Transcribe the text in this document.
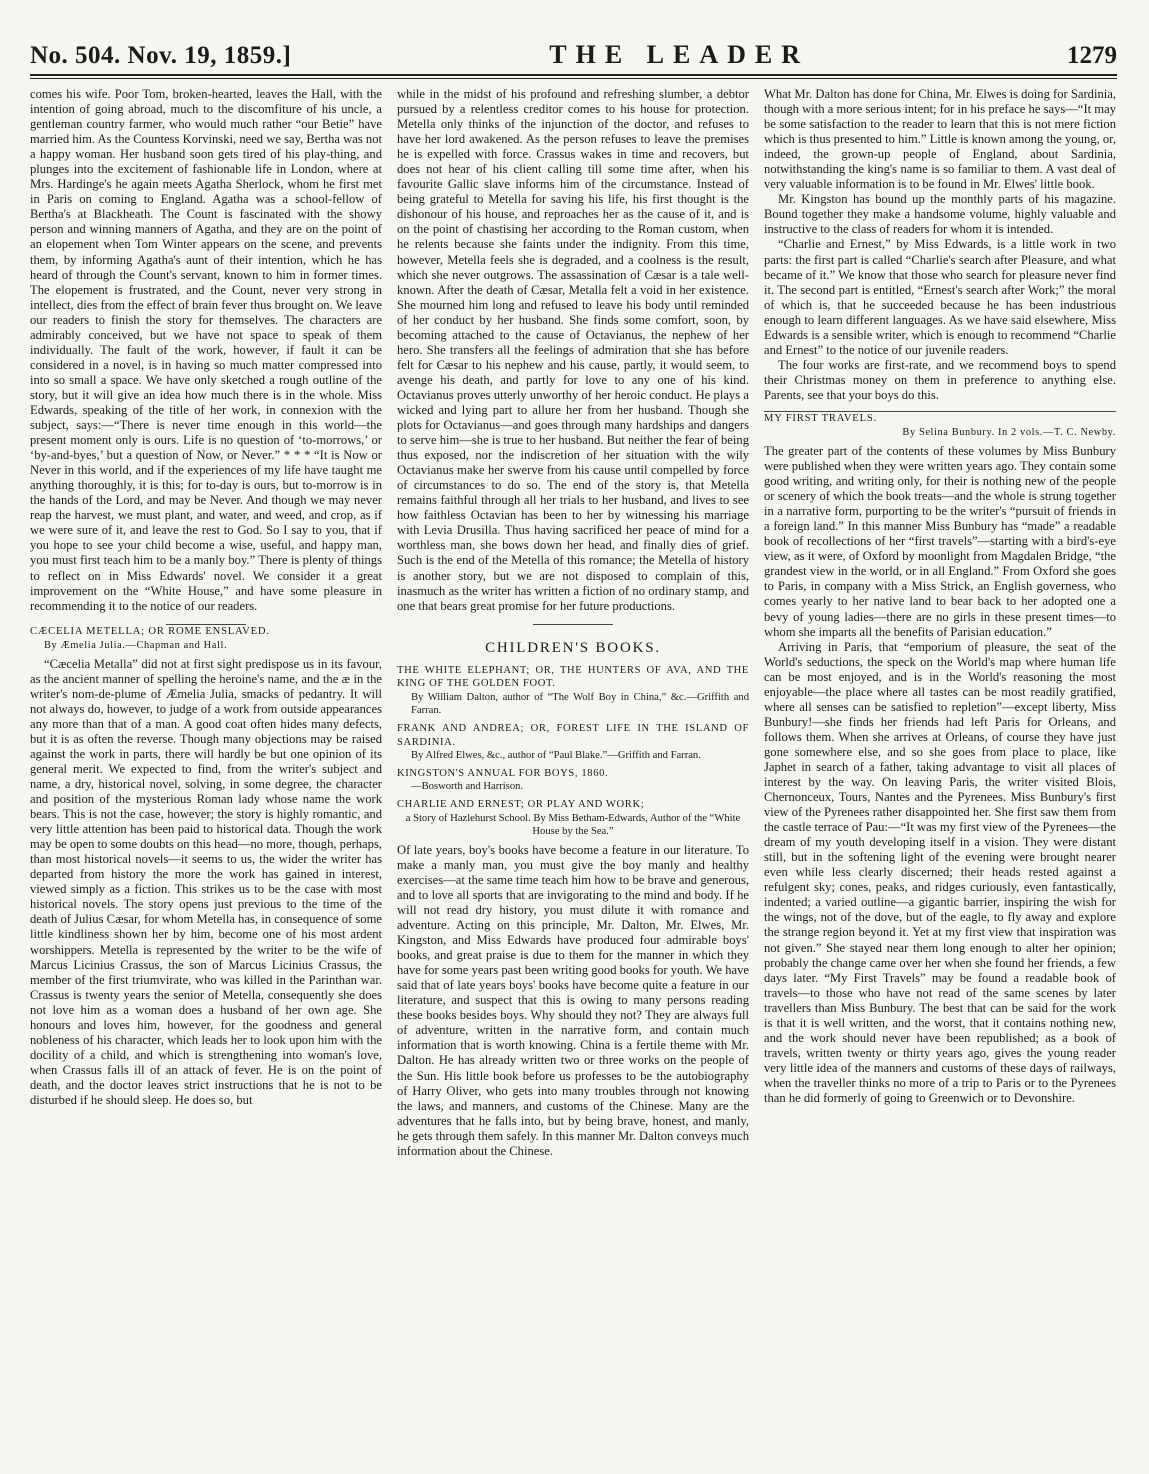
No. 504. Nov. 19, 1859.]	THE LEADER	1279

comes his wife. Poor Tom, broken-hearted, leaves the Hall, with the intention of going abroad, much to the discomfiture of his uncle, a gentleman country farmer, who would much rather “our Betie” have married him. As the Countess Korvinski, need we say, Bertha was not a happy woman. Her husband soon gets tired of his play-thing, and plunges into the excitement of fashionable life in London, where at Mrs. Hardinge's he again meets Agatha Sherlock, whom he first met in Paris on coming to England. Agatha was a school-fellow of Bertha's at Blackheath. The Count is fascinated with the showy person and winning manners of Agatha, and they are on the point of an elopement when Tom Winter appears on the scene, and prevents them, by informing Agatha's aunt of their intention, which he has heard of through the Count's servant, known to him in former times. The elopement is frustrated, and the Count, never very strong in intellect, dies from the effect of brain fever thus brought on. We leave our readers to finish the story for themselves. The characters are admirably conceived, but we have not space to speak of them individually. The fault of the work, however, if fault it can be considered in a novel, is in having so much matter compressed into into so small a space. We have only sketched a rough outline of the story, but it will give an idea how much there is in the whole. Miss Edwards, speaking of the title of her work, in connexion with the subject, says:—“There is never time enough in this world—the present moment only is ours. Life is no question of ‘to-morrows,’ or ‘by-and-byes,’ but a question of Now, or Never.” * * * “It is Now or Never in this world, and if the experiences of my life have taught me anything thoroughly, it is this; for to-day is ours, but to-morrow is in the hands of the Lord, and may be Never. And though we may never reap the harvest, we must plant, and water, and weed, and crop, as if we were sure of it, and leave the rest to God. So I say to you, that if you hope to see your child become a wise, useful, and happy man, you must first teach him to be a manly boy.” There is plenty of things to reflect on in Miss Edwards' novel. We consider it a great improvement on the “White House,” and have some pleasure in recommending it to the notice of our readers.

CÆCELIA METELLA; OR ROME ENSLAVED.
By Æmelia Julia.—Chapman and Hall.

“Cæcelia Metalla” did not at first sight predispose us in its favour, as the ancient manner of spelling the heroine's name, and the æ in the writer's nom-de-plume of Æmelia Julia, smacks of pedantry. It will not always do, however, to judge of a work from outside appearances any more than that of a man. A good coat often hides many defects, but it is as often the reverse. Though many objections may be raised against the work in parts, there will hardly be but one opinion of its general merit. We expected to find, from the writer's subject and name, a dry, historical novel, solving, in some degree, the character and position of the mysterious Roman lady whose name the work bears. This is not the case, however; the story is highly romantic, and very little attention has been paid to historical data. Though the work may be open to some doubts on this head—no more, though, perhaps, than most historical novels—it seems to us, the wider the writer has departed from history the more the work has gained in interest, viewed simply as a fiction. This strikes us to be the case with most historical novels. The story opens just previous to the time of the death of Julius Cæsar, for whom Metella has, in consequence of some little kindliness shown her by him, become one of his most ardent worshippers. Metella is represented by the writer to be the wife of Marcus Licinius Crassus, the son of Marcus Licinius Crassus, the member of the first triumvirate, who was killed in the Parinthan war. Crassus is twenty years the senior of Metella, consequently she does not love him as a woman does a husband of her own age. She honours and loves him, however, for the goodness and general nobleness of his character, which leads her to look upon him with the docility of a child, and which is strengthening into woman's love, when Crassus falls ill of an attack of fever. He is on the point of death, and the doctor leaves strict instructions that he is not to be disturbed if he should sleep. He does so, but

while in the midst of his profound and refreshing slumber, a debtor pursued by a relentless creditor comes to his house for protection. Metella only thinks of the injunction of the doctor, and refuses to have her lord awakened. As the person refuses to leave the premises he is expelled with force. Crassus wakes in time and recovers, but does not hear of his client calling till some time after, when his favourite Gallic slave informs him of the circumstance. Instead of being grateful to Metella for saving his life, his first thought is the dishonour of his house, and reproaches her as the cause of it, and is on the point of chastising her according to the Roman custom, when he relents because she faints under the indignity. From this time, however, Metella feels she is degraded, and a coolness is the result, which she never outgrows. The assassination of Cæsar is a tale well-known. After the death of Cæsar, Metalla felt a void in her existence. She mourned him long and refused to leave his body until reminded of her conduct by her husband. She finds some comfort, soon, by becoming attached to the cause of Octavianus, the nephew of her hero. She transfers all the feelings of admiration that she has before felt for Cæsar to his nephew and his cause, partly, it would seem, to avenge his death, and partly for love to any one of his kind. Octavianus proves utterly unworthy of her heroic conduct. He plays a wicked and lying part to allure her from her husband. Though she plots for Octavianus—and goes through many hardships and dangers to serve him—she is true to her husband. But neither the fear of being thus exposed, nor the indiscretion of her situation with the wily Octavianus make her swerve from his cause until compelled by force of circumstances to do so. The end of the story is, that Metella remains faithful through all her trials to her husband, and lives to see how faithless Octavian has been to her by witnessing his marriage with Levia Drusilla. Thus having sacrificed her peace of mind for a worthless man, she bows down her head, and finally dies of grief. Such is the end of the Metella of this romance; the Metella of history is another story, but we are not disposed to complain of this, inasmuch as the writer has written a fiction of no ordinary stamp, and one that bears great promise for her future productions.

CHILDREN'S BOOKS.

THE WHITE ELEPHANT; OR, THE HUNTERS OF AVA, AND THE KING OF THE GOLDEN FOOT.
By William Dalton, author of “The Wolf Boy in China,” &c.—Griffith and Farran.

FRANK AND ANDREA; OR, FOREST LIFE IN THE ISLAND OF SARDINIA.
By Alfred Elwes, &c., author of “Paul Blake.”—Griffith and Farran.

KINGSTON'S ANNUAL FOR BOYS, 1860.
—Bosworth and Harrison.

CHARLIE AND ERNEST; OR PLAY AND WORK;
a Story of Hazlehurst School. By Miss Betham-Edwards, Author of the “White House by the Sea.”

Of late years, boy's books have become a feature in our literature. To make a manly man, you must give the boy manly and healthy exercises—at the same time teach him how to be brave and generous, and to love all sports that are invigorating to the mind and body. If he will not read dry history, you must dilute it with romance and adventure. Acting on this principle, Mr. Dalton, Mr. Elwes, Mr. Kingston, and Miss Edwards have produced four admirable boys' books, and great praise is due to them for the manner in which they have for some years past been writing good books for youth. We have said that of late years boys' books have become quite a feature in our literature, and suspect that this is owing to many persons reading these books besides boys. Why should they not? They are always full of adventure, written in the narrative form, and contain much information that is worth knowing. China is a fertile theme with Mr. Dalton. He has already written two or three works on the people of the Sun. His little book before us professes to be the autobiography of Harry Oliver, who gets into many troubles through not knowing the laws, and manners, and customs of the Chinese. Many are the adventures that he falls into, but by being brave, honest, and manly, he gets through them safely. In this manner Mr. Dalton conveys much information about the Chinese.

What Mr. Dalton has done for China, Mr. Elwes is doing for Sardinia, though with a more serious intent; for in his preface he says—“It may be some satisfaction to the reader to learn that this is not mere fiction which is thus presented to him.” Little is known among the young, or, indeed, the grown-up people of England, about Sardinia, notwithstanding the king's name is so familiar to them. A vast deal of very valuable information is to be found in Mr. Elwes' little book.

Mr. Kingston has bound up the monthly parts of his magazine. Bound together they make a handsome volume, highly valuable and instructive to the class of readers for whom it is intended.

“Charlie and Ernest,” by Miss Edwards, is a little work in two parts: the first part is called “Charlie's search after Pleasure, and what became of it.” We know that those who search for pleasure never find it. The second part is entitled, “Ernest's search after Work;” the moral of which is, that he succeeded because he has been industrious enough to learn different languages. As we have said elsewhere, Miss Edwards is a sensible writer, which is enough to recommend “Charlie and Ernest” to the notice of our juvenile readers.

The four works are first-rate, and we recommend boys to spend their Christmas money on them in preference to anything else. Parents, see that your boys do this.

MY FIRST TRAVELS.
By Selina Bunbury. In 2 vols.—T. C. Newby.

The greater part of the contents of these volumes by Miss Bunbury were published when they were written years ago. They contain some good writing, and writing only, for their is nothing new of the people or scenery of which the book treats—and the whole is strung together in a narrative form, purporting to be the writer's “pursuit of friends in a foreign land.” In this manner Miss Bunbury has “made” a readable book of recollections of her “first travels”—starting with a bird's-eye view, as it were, of Oxford by moonlight from Magdalen Bridge, “the grandest view in the world, or in all England.” From Oxford she goes to Paris, in company with a Miss Strick, an English governess, who comes yearly to her native land to bear back to her adopted one a bevy of young ladies—there are no girls in these present times—to whom she imparts all the benefits of Parisian education.”

Arriving in Paris, that “emporium of pleasure, the seat of the World's seductions, the speck on the World's map where human life can be most enjoyed, and is in the World's reasoning the most enjoyable—the place where all tastes can be most readily gratified, where all senses can be satisfied to repletion”—except liberty, Miss Bunbury!—she finds her friends had left Paris for Orleans, and follows them. When she arrives at Orleans, of course they have just gone somewhere else, and so she goes from place to place, like Japhet in search of a father, taking advantage to visit all places of interest by the way. On leaving Paris, the writer visited Blois, Chernonceux, Tours, Nantes and the Pyrenees. Miss Bunbury's first view of the Pyrenees rather disappointed her. She first saw them from the castle terrace of Pau:—“It was my first view of the Pyrenees—the dream of my youth developing itself in a vision. They were distant still, but in the softening light of the evening were brought nearer even while less clearly discerned; their heads rested against a refulgent sky; cones, peaks, and ridges curiously, even fantastically, indented; a varied outline—a gigantic barrier, inspiring the wish for the wings, not of the dove, but of the eagle, to fly away and explore the strange region beyond it. Yet at my first view that inspiration was not given.” She stayed near them long enough to alter her opinion; probably the change came over her when she found her friends, a few days later. “My First Travels” may be found a readable book of travels—to those who have not read of the same scenes by later travellers than Miss Bunbury. The best that can be said for the work is that it is well written, and the worst, that it contains nothing new, and the work should never have been republished; as a book of travels, written twenty or thirty years ago, gives the young reader very little idea of the manners and customs of these days of railways, when the traveller thinks no more of a trip to Paris or to the Pyrenees than he did formerly of going to Greenwich or to Devonshire.
